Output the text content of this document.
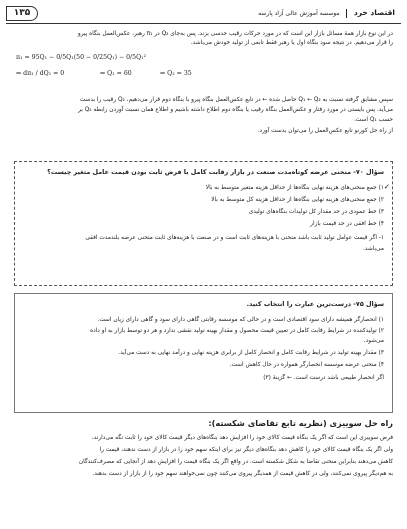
اقتصاد خرد  موسسه آموزش عالی آزاد پارسه
۱۳۵
در این نوع بازار همهٔ مسائل بازار این است که در مورد حرکات رقیب حدسی بزند. پس به‌جای Q₂ در π₁ رهبر، عکس‌العمل بنگاه پیرو
را قرار می‌دهیم. در نتیجه سود بنگاه اول یا رهبر فقط تابعی از تولید خودش می‌باشد.
π₁ = 95Q₁ − 0/5Q₁(50 − 0/25Q₁) − 0/5Q₁²
⇒ dπ₁ / dQ₁ = 0	⇒ Q₁ = 60	⇒ Q₂ = 35
سپس مشابق گرفته نسبت به Q₁ ← Q₂ حاصل شده ← در تابع عکس‌العمل بنگاه پیرو با بنگاه دوم قرار می‌دهیم، Q₂ رقیب را بدست
می‌آید. پس بایستی در مورد رفتار و عکس‌العمل بنگاه رقیب یا بنگاه دوم اطلاع داشته باشیم و اطلاع همان نسبت آوردن رابطه Q₂ بر
حسب Q₁ است.
از راه حل کورنو تابع عکس‌العمل را می‌توان بدست آورد.
سؤال ۷۰- منحنی عرضه کوتاه‌مدت صنعت در بازار رقابت کامل با فرض ثابت بودن قیمت عامل متغیر چیست؟
۱) جمع منحنی‌های هزینه نهایی بنگاه‌ها از حداقل هزینه متغیر متوسط به بالا
۲) جمع منحنی‌های هزینه نهایی بنگاه‌ها از حداقل هزینه کل متوسط به بالا
۳) خط عمودی در حد مقدار کل تولیدات بنگاه‌های تولیدی
۴) خط افقی در حد قیمت بازار
۱- اگر قیمت عوامل تولید ثابت باشد منحنی با هزینه‌های ثابت است و در صنعت با هزینه‌های ثابت منحنی عرضه بلندمدت افقی
می‌باشد.
✓
سؤال ۷۵- درست‌ترین عبارت را انتخاب کنید.
۱) انحصارگر همیشه دارای سود اقتصادی است و در حالی که موسسه رقابتی گاهی دارای سود و گاهی دارای زیان است.
۲) تولیدکننده در شرایط رقابت کامل در تعیین قیمت محصول و مقدار بهینه تولید نقشی ندارد و هر دو توسط بازار به او داده
می‌شود.
۳) مقدار بهینه تولید در شرایط رقابت کامل و انحصار کامل از برابری هزینه نهایی و درآمد نهایی به دست می‌آید.
۴) منحنی عرضه موسسه انحصارگر همواره در حال کاهش است.
اگر انحصار طبیعی باشد درست است. ← گزینهٔ (۳)
راه حل سوییزی (نظریه تابع تقاضای شکسته):
فرض سوییزی این است که اگر یک بنگاه قیمت کالای خود را افزایش دهد بنگاه‌های دیگر قیمت کالای خود را ثابت نگه می‌دارند،
ولی اگر یک بنگاه قیمت کالای خود را کاهش دهد بنگاه‌های دیگر نیز برای اینکه سهم خود را در بازار از دست ندهند، قیمت را
کاهش می‌دهند بنابراین منحنی تقاضا به شکل شکسته است. در واقع اگر یک بنگاه قیمت را افزایش دهد از آنجایی که مصرف‌کنندگان
به هم‌دیگر پیروی نمی‌کنند، ولی در کاهش قیمت از همدیگر پیروی می‌کنند چون نمی‌خواهند سهم خود را از بازار از دست بدهند.
